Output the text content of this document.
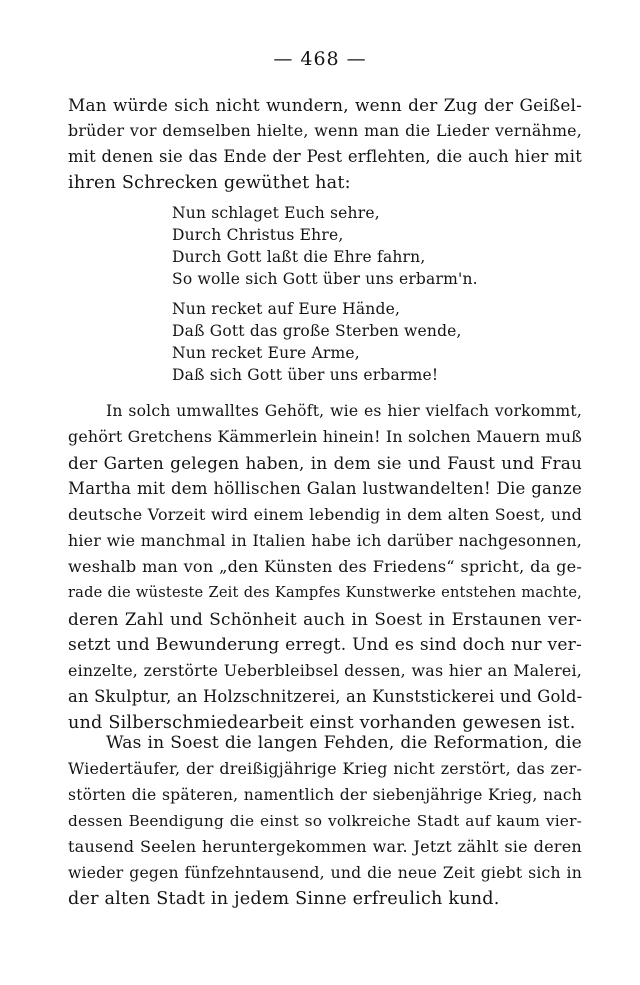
— 468 —

Man würde sich nicht wundern, wenn der Zug der Geißel-
brüder vor demselben hielte, wenn man die Lieder vernähme,
mit denen sie das Ende der Pest erflehten, die auch hier mit
ihren Schrecken gewüthet hat:

Nun schlaget Euch sehre,
Durch Christus Ehre,
Durch Gott laßt die Ehre fahrn,
So wolle sich Gott über uns erbarm'n.
Nun recket auf Eure Hände,
Daß Gott das große Sterben wende,
Nun recket Eure Arme,
Daß sich Gott über uns erbarme!

In solch umwalltes Gehöft, wie es hier vielfach vorkommt,
gehört Gretchens Kämmerlein hinein! In solchen Mauern muß
der Garten gelegen haben, in dem sie und Faust und Frau
Martha mit dem höllischen Galan lustwandelten! Die ganze
deutsche Vorzeit wird einem lebendig in dem alten Soest, und
hier wie manchmal in Italien habe ich darüber nachgesonnen,
weshalb man von „den Künsten des Friedens“ spricht, da ge-
rade die wüsteste Zeit des Kampfes Kunstwerke entstehen machte,
deren Zahl und Schönheit auch in Soest in Erstaunen ver-
setzt und Bewunderung erregt. Und es sind doch nur ver-
einzelte, zerstörte Ueberbleibsel dessen, was hier an Malerei,
an Skulptur, an Holzschnitzerei, an Kunststickerei und Gold-
und Silberschmiedearbeit einst vorhanden gewesen ist.

Was in Soest die langen Fehden, die Reformation, die
Wiedertäufer, der dreißigjährige Krieg nicht zerstört, das zer-
störten die späteren, namentlich der siebenjährige Krieg, nach
dessen Beendigung die einst so volkreiche Stadt auf kaum vier-
tausend Seelen heruntergekommen war. Jetzt zählt sie deren
wieder gegen fünfzehntausend, und die neue Zeit giebt sich in
der alten Stadt in jedem Sinne erfreulich kund.
